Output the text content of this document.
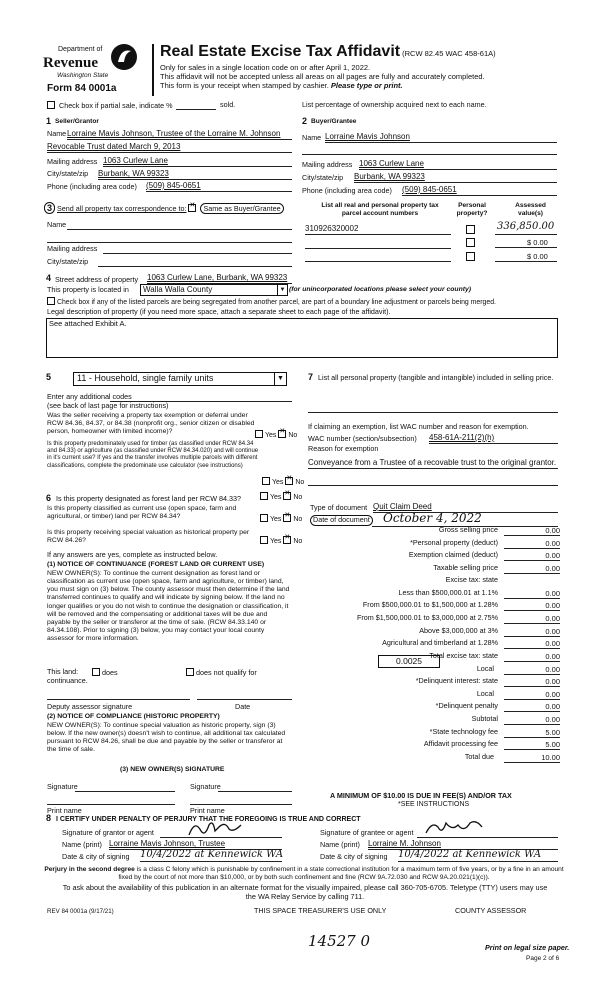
Department of
Revenue
Washington State
Form 84 0001a
Real Estate Excise Tax Affidavit (RCW 82.45 WAC 458-61A)
Only for sales in a single location code on or after April 1, 2022.
This affidavit will not be accepted unless all areas on all pages are fully and accurately completed.
This form is your receipt when stamped by cashier. Please type or print.
Check box if partial sale, indicate %	sold.	List percentage of ownership acquired next to each name.
1 Seller/Grantor
Name Lorraine Mavis Johnson, Trustee of the Lorraine M. Johnson
Revocable Trust dated March 9, 2013
Mailing address 1063 Curlew Lane
City/state/zip Burbank, WA 99323
Phone (including area code) (509) 845-0651
2 Buyer/Grantee
Name Lorraine Mavis Johnson
Mailing address 1063 Curlew Lane
City/state/zip Burbank, WA 99323
Phone (including area code) (509) 845-0651
3 Send all property tax correspondence to: ✕ Same as Buyer/Grantee
Name
Mailing address
City/state/zip
List all real and personal property tax
parcel account numbers
Personal
property?
Assessed
value(s)
310926320002	336,850.00
$ 0.00
$ 0.00
4 Street address of property 1063 Curlew Lane, Burbank, WA 99323
This property is located in	Walla Walla County	▼ (for unincorporated locations please select your county)
Check box if any of the listed parcels are being segregated from another parcel, are part of a boundary line adjustment or parcels being merged.
Legal description of property (if you need more space, attach a separate sheet to each page of the affidavit).
See attached Exhibit A.
5	11 - Household, single family units	▼
Enter any additional codes
(see back of last page for instructions)
Was the seller receiving a property tax exemption or deferral under RCW 84.36, 84.37, or 84.38 (nonprofit org., senior citizen or disabled person, homeowner with limited income)?
Yes ✕ No
Is this property predominately used for timber (as classified under RCW 84.34 and 84.33) or agriculture (as classified under RCW 84.34.020) and will continue in it's current use? If yes and the transfer involves multiple parcels with different classifications, complete the predominate use calculator (see instructions)
Yes ✕ No
7 List all personal property (tangible and intangible) included in selling price.
If claiming an exemption, list WAC number and reason for exemption.
WAC number (section/subsection) 458-61A-211(2)(h)
Reason for exemption
Conveyance from a Trustee of a recovable trust to the original grantor.
6 Is this property designated as forest land per RCW 84.33?	Yes ✕ No
Is this property classified as current use (open space, farm and agricultural, or timber) land per RCW 84.34?	Yes ✕ No
Is this property receiving special valuation as historical property per RCW 84.26?	Yes ✕ No
If any answers are yes, complete as instructed below.
(1) NOTICE OF CONTINUANCE (FOREST LAND OR CURRENT USE)
NEW OWNER(S): To continue the current designation as forest land or classification as current use (open space, farm and agriculture, or timber) land, you must sign on (3) below. The county assessor must then determine if the land transferred continues to qualify and will indicate by signing below. If the land no longer qualifies or you do not wish to continue the designation or classification, it will be removed and the compensating or additional taxes will be due and payable by the seller or transferor at the time of sale. (RCW 84.33.140 or 84.34.108). Prior to signing (3) below, you may contact your local county assessor for more information.
This land:	does	does not qualify for
continuance.
Deputy assessor signature	Date
(2) NOTICE OF COMPLIANCE (HISTORIC PROPERTY)
NEW OWNER(S): To continue special valuation as historic property, sign (3) below. If the new owner(s) doesn't wish to continue, all additional tax calculated pursuant to RCW 84.26, shall be due and payable by the seller or transferor at the time of sale.
(3) NEW OWNER(S) SIGNATURE
Signature	Signature
Print name	Print name
Type of document Quit Claim Deed
Date of document October 4, 2022
Gross selling price	0.00
*Personal property (deduct)	0.00
Exemption claimed (deduct)	0.00
Taxable selling price	0.00
Excise tax: state
Less than $500,000.01 at 1.1%	0.00
From $500,000.01 to $1,500,000 at 1.28%	0.00
From $1,500,000.01 to $3,000,000 at 2.75%	0.00
Above $3,000,000 at 3%	0.00
Agricultural and timberland at 1.28%	0.00
Total excise tax: state	0.00
Local	0.00
*Delinquent interest: state	0.00
Local	0.00
*Delinquent penalty	0.00
Subtotal	0.00
*State technology fee	5.00
Affidavit processing fee	5.00
Total due	10.00
0.0025
A MINIMUM OF $10.00 IS DUE IN FEE(S) AND/OR TAX
*SEE INSTRUCTIONS
8 I CERTIFY UNDER PENALTY OF PERJURY THAT THE FOREGOING IS TRUE AND CORRECT
Signature of grantor or agent
Name (print) Lorraine Mavis Johnson, Trustee
Date & city of signing 10/4/2022 at Kennewick WA
Signature of grantee or agent
Name (print) Lorraine M. Johnson
Date & city of signing 10/4/2022 at Kennewick WA
Perjury in the second degree is a class C felony which is punishable by confinement in a state correctional institution for a maximum term of five years, or by a fine in an amount fixed by the court of not more than $10,000, or by both such confinement and fine (RCW 9A.72.030 and RCW 9A.20.021(1)(c)).
To ask about the availability of this publication in an alternate format for the visually impaired, please call 360-705-6705. Teletype (TTY) users may use the WA Relay Service by calling 711.
REV 84 0001a (9/17/21)	THIS SPACE TREASURER'S USE ONLY	COUNTY ASSESSOR
14527 0	Print on legal size paper.
Page 2 of 6
